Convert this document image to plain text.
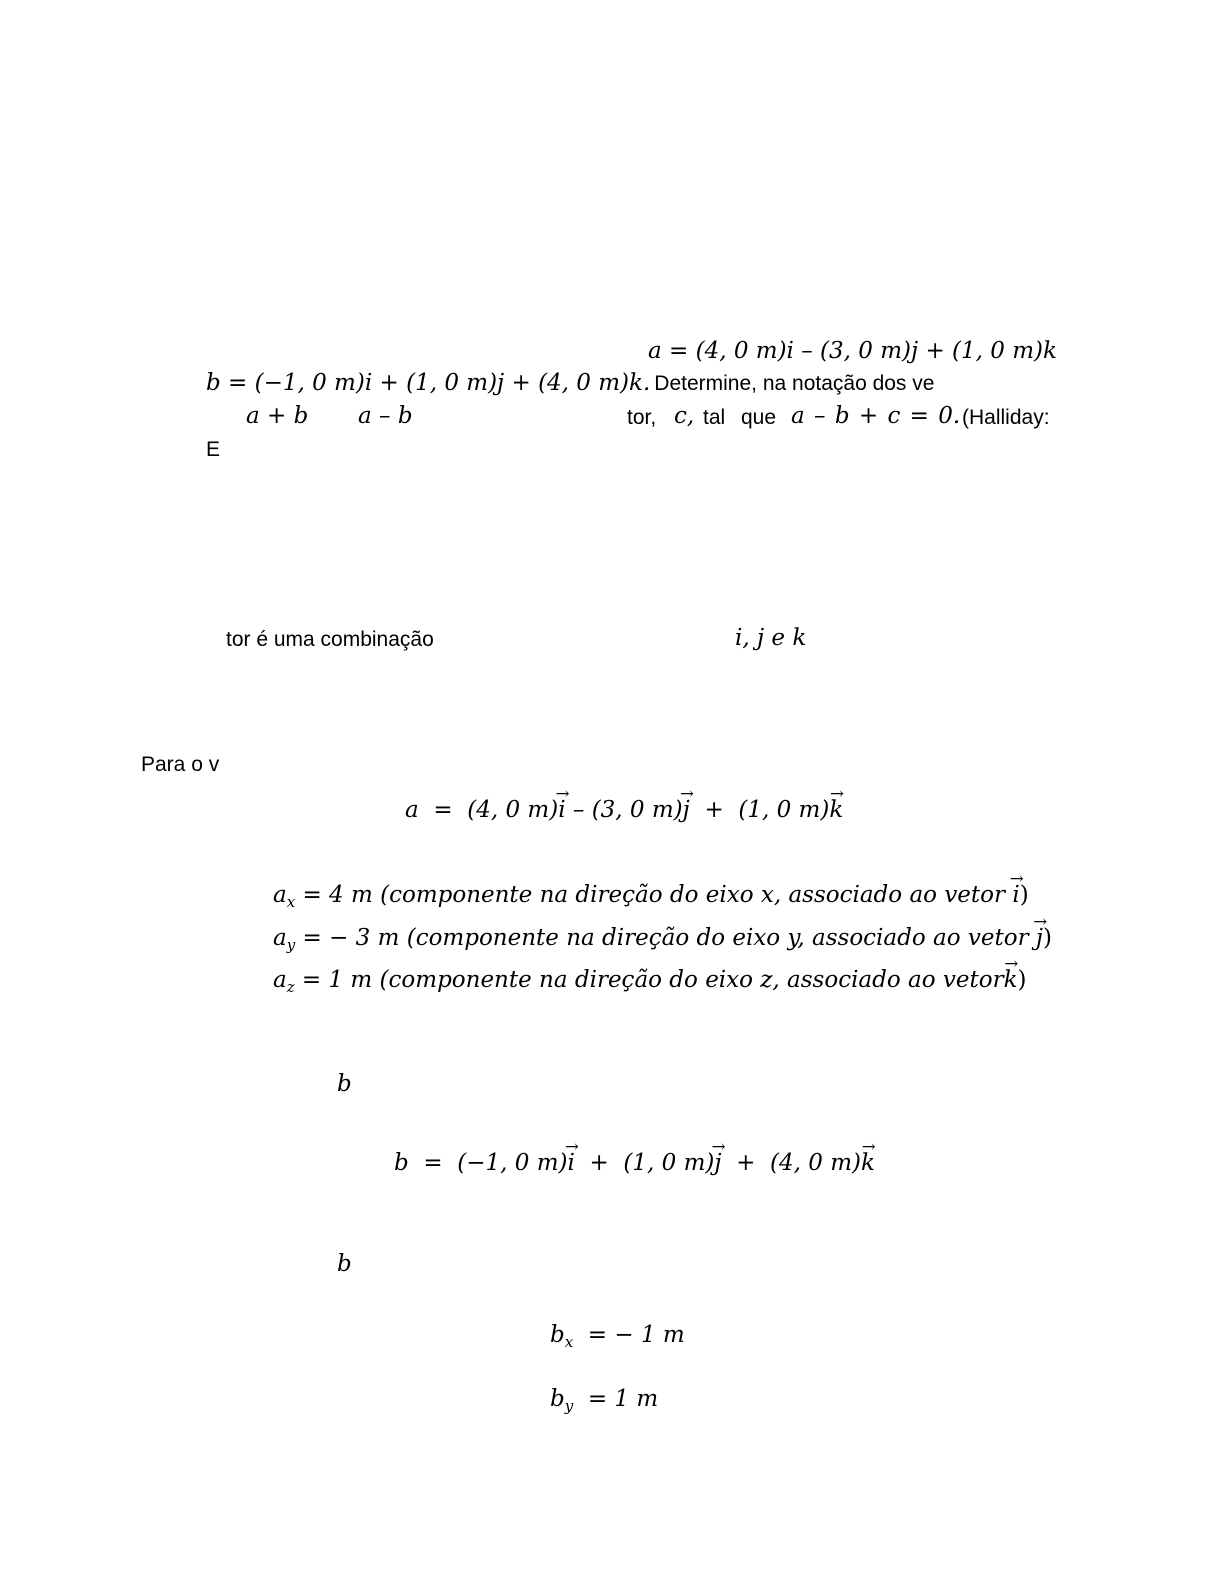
a = (4, 0 m)i – (3, 0 m)j + (1, 0 m)k
b = (−1, 0 m)i + (1, 0 m)j + (4, 0 m)k. Determine, na notação dos ve
a + b a – b	tor, c, tal que a – b + c = 0. (Halliday:
E
tor é uma combinação	i, j e k
Para o v
a = (4, 0 m)→ i – (3, 0 m)→ j + (1, 0 m)→ k
$a_x = 4$ m (componente na direção do eixo x, associado ao vetor → i)
$a_y$ = − 3 m (componente na direção do eixo y, associado ao vetor → j)
$a_z = 1$ m (componente na direção do eixo z, associado ao vetor→ k)
b
b = (−1, 0 m)→ i + (1, 0 m)→ j + (4, 0 m)→ k
b
$b_x$ = − 1 m
$b_y = 1$ m
